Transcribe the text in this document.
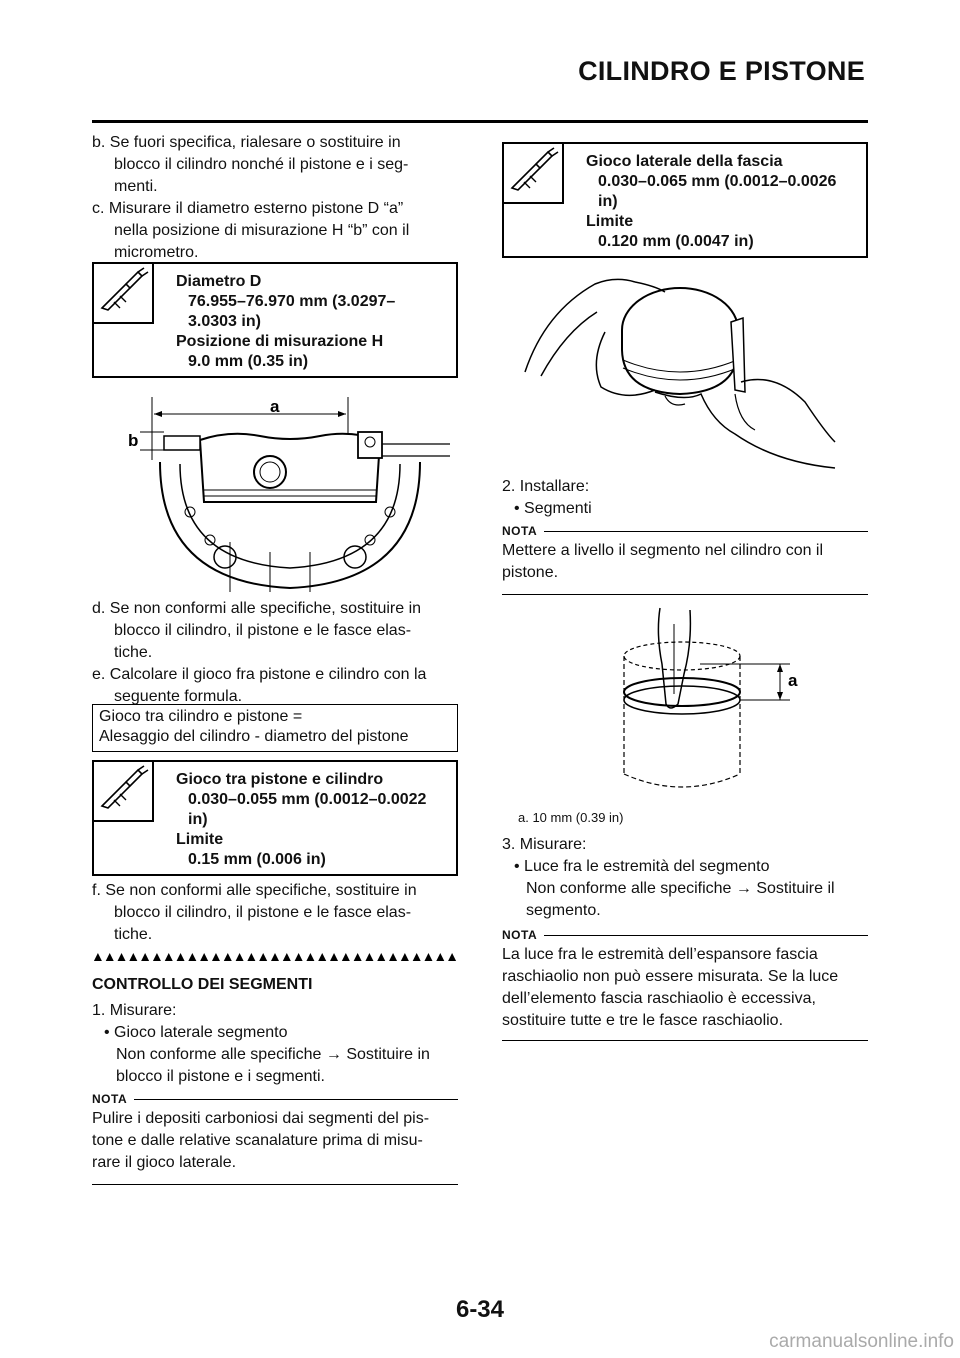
CILINDRO E PISTONE
b. Se fuori specifica, rialesare o sostituire in
blocco il cilindro nonché il pistone e i seg-
menti.
c. Misurare il diametro esterno pistone D “a”
nella posizione di misurazione H “b” con il
micrometro.
Diametro D
76.955–76.970 mm (3.0297–
3.0303 in)
Posizione di misurazione H
9.0 mm (0.35 in)
a
b
d. Se non conformi alle specifiche, sostituire in
blocco il cilindro, il pistone e le fasce elas-
tiche.
e. Calcolare il gioco fra pistone e cilindro con la
seguente formula.
Gioco tra cilindro e pistone =
Alesaggio del cilindro - diametro del pistone
Gioco tra pistone e cilindro
0.030–0.055 mm (0.0012–0.0022
in)
Limite
0.15 mm (0.006 in)
f. Se non conformi alle specifiche, sostituire in
blocco il cilindro, il pistone e le fasce elas-
tiche.
CONTROLLO DEI SEGMENTI
1. Misurare:
• Gioco laterale segmento
Non conforme alle specifiche → Sostituire in
blocco il pistone e i segmenti.
NOTA
Pulire i depositi carboniosi dai segmenti del pis-
tone e dalle relative scanalature prima di misu-
rare il gioco laterale.
Gioco laterale della fascia
0.030–0.065 mm (0.0012–0.0026
in)
Limite
0.120 mm (0.0047 in)
2. Installare:
• Segmenti
NOTA
Mettere a livello il segmento nel cilindro con il
pistone.
a
a. 10 mm (0.39 in)
3. Misurare:
• Luce fra le estremità del segmento
Non conforme alle specifiche → Sostituire il
segmento.
NOTA
La luce fra le estremità dell’espansore fascia
raschiaolio non può essere misurata. Se la luce
dell’elemento fascia raschiaolio è eccessiva,
sostituire tutte e tre le fasce raschiaolio.
6-34
carmanualsonline.info
